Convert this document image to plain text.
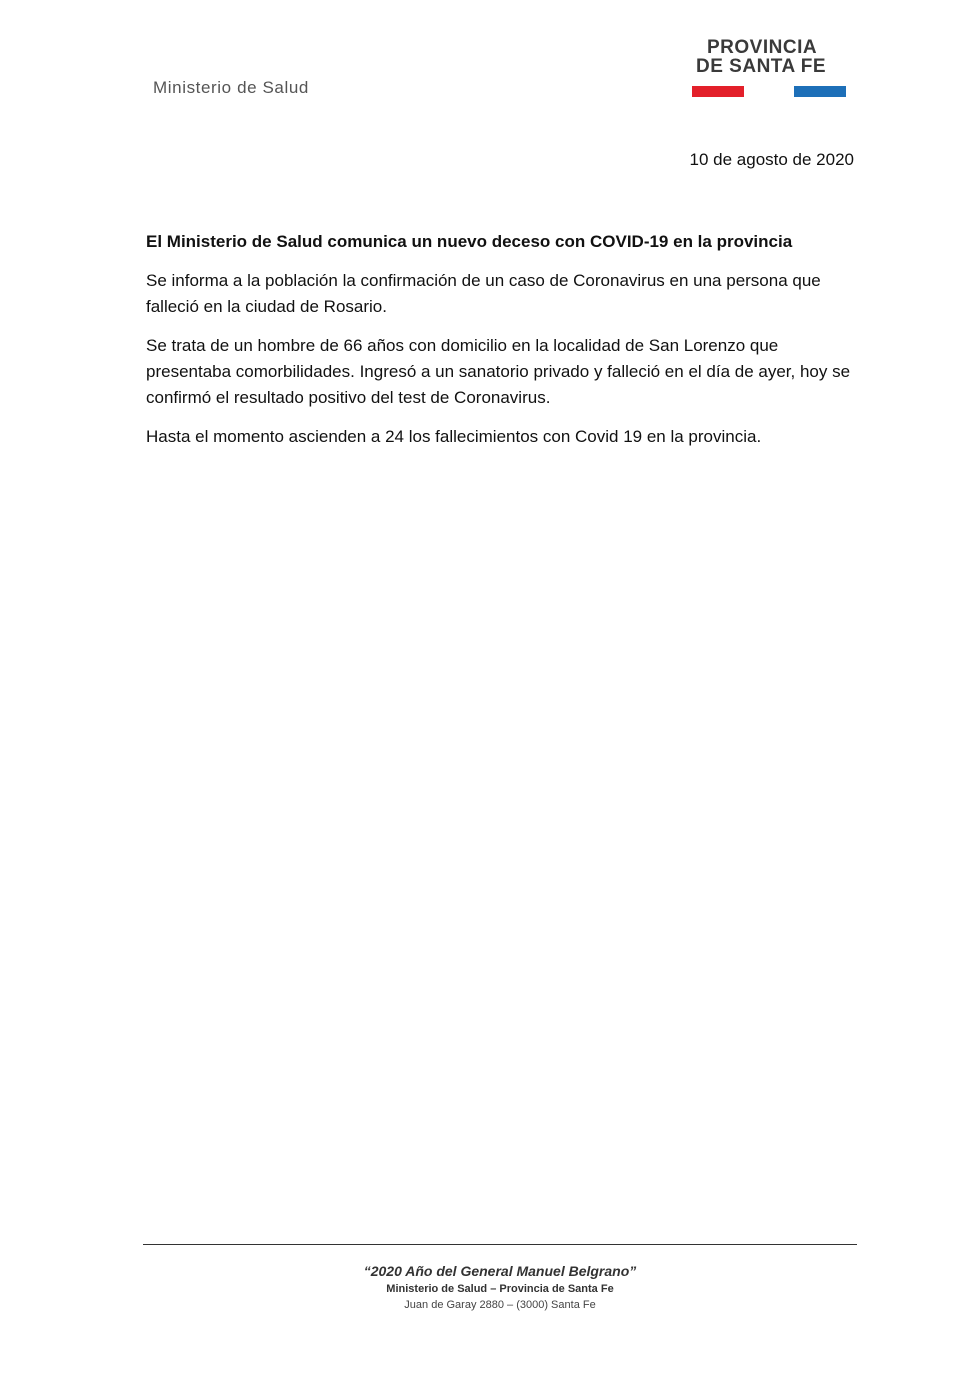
Ministerio de Salud
PROVINCIA
DE SANTA FE
10 de agosto de 2020

El Ministerio de Salud comunica un nuevo deceso con COVID-19 en la provincia

Se informa a la población la confirmación de un caso de Coronavirus en una persona que falleció en la ciudad de Rosario.

Se trata de un hombre de 66 años con domicilio en la localidad de San Lorenzo que presentaba comorbilidades. Ingresó a un sanatorio privado y falleció en el día de ayer, hoy se confirmó el resultado positivo del test de Coronavirus.

Hasta el momento ascienden a 24 los fallecimientos con Covid 19 en la provincia.

“2020 Año del General Manuel Belgrano”
Ministerio de Salud – Provincia de Santa Fe
Juan de Garay 2880 – (3000) Santa Fe
